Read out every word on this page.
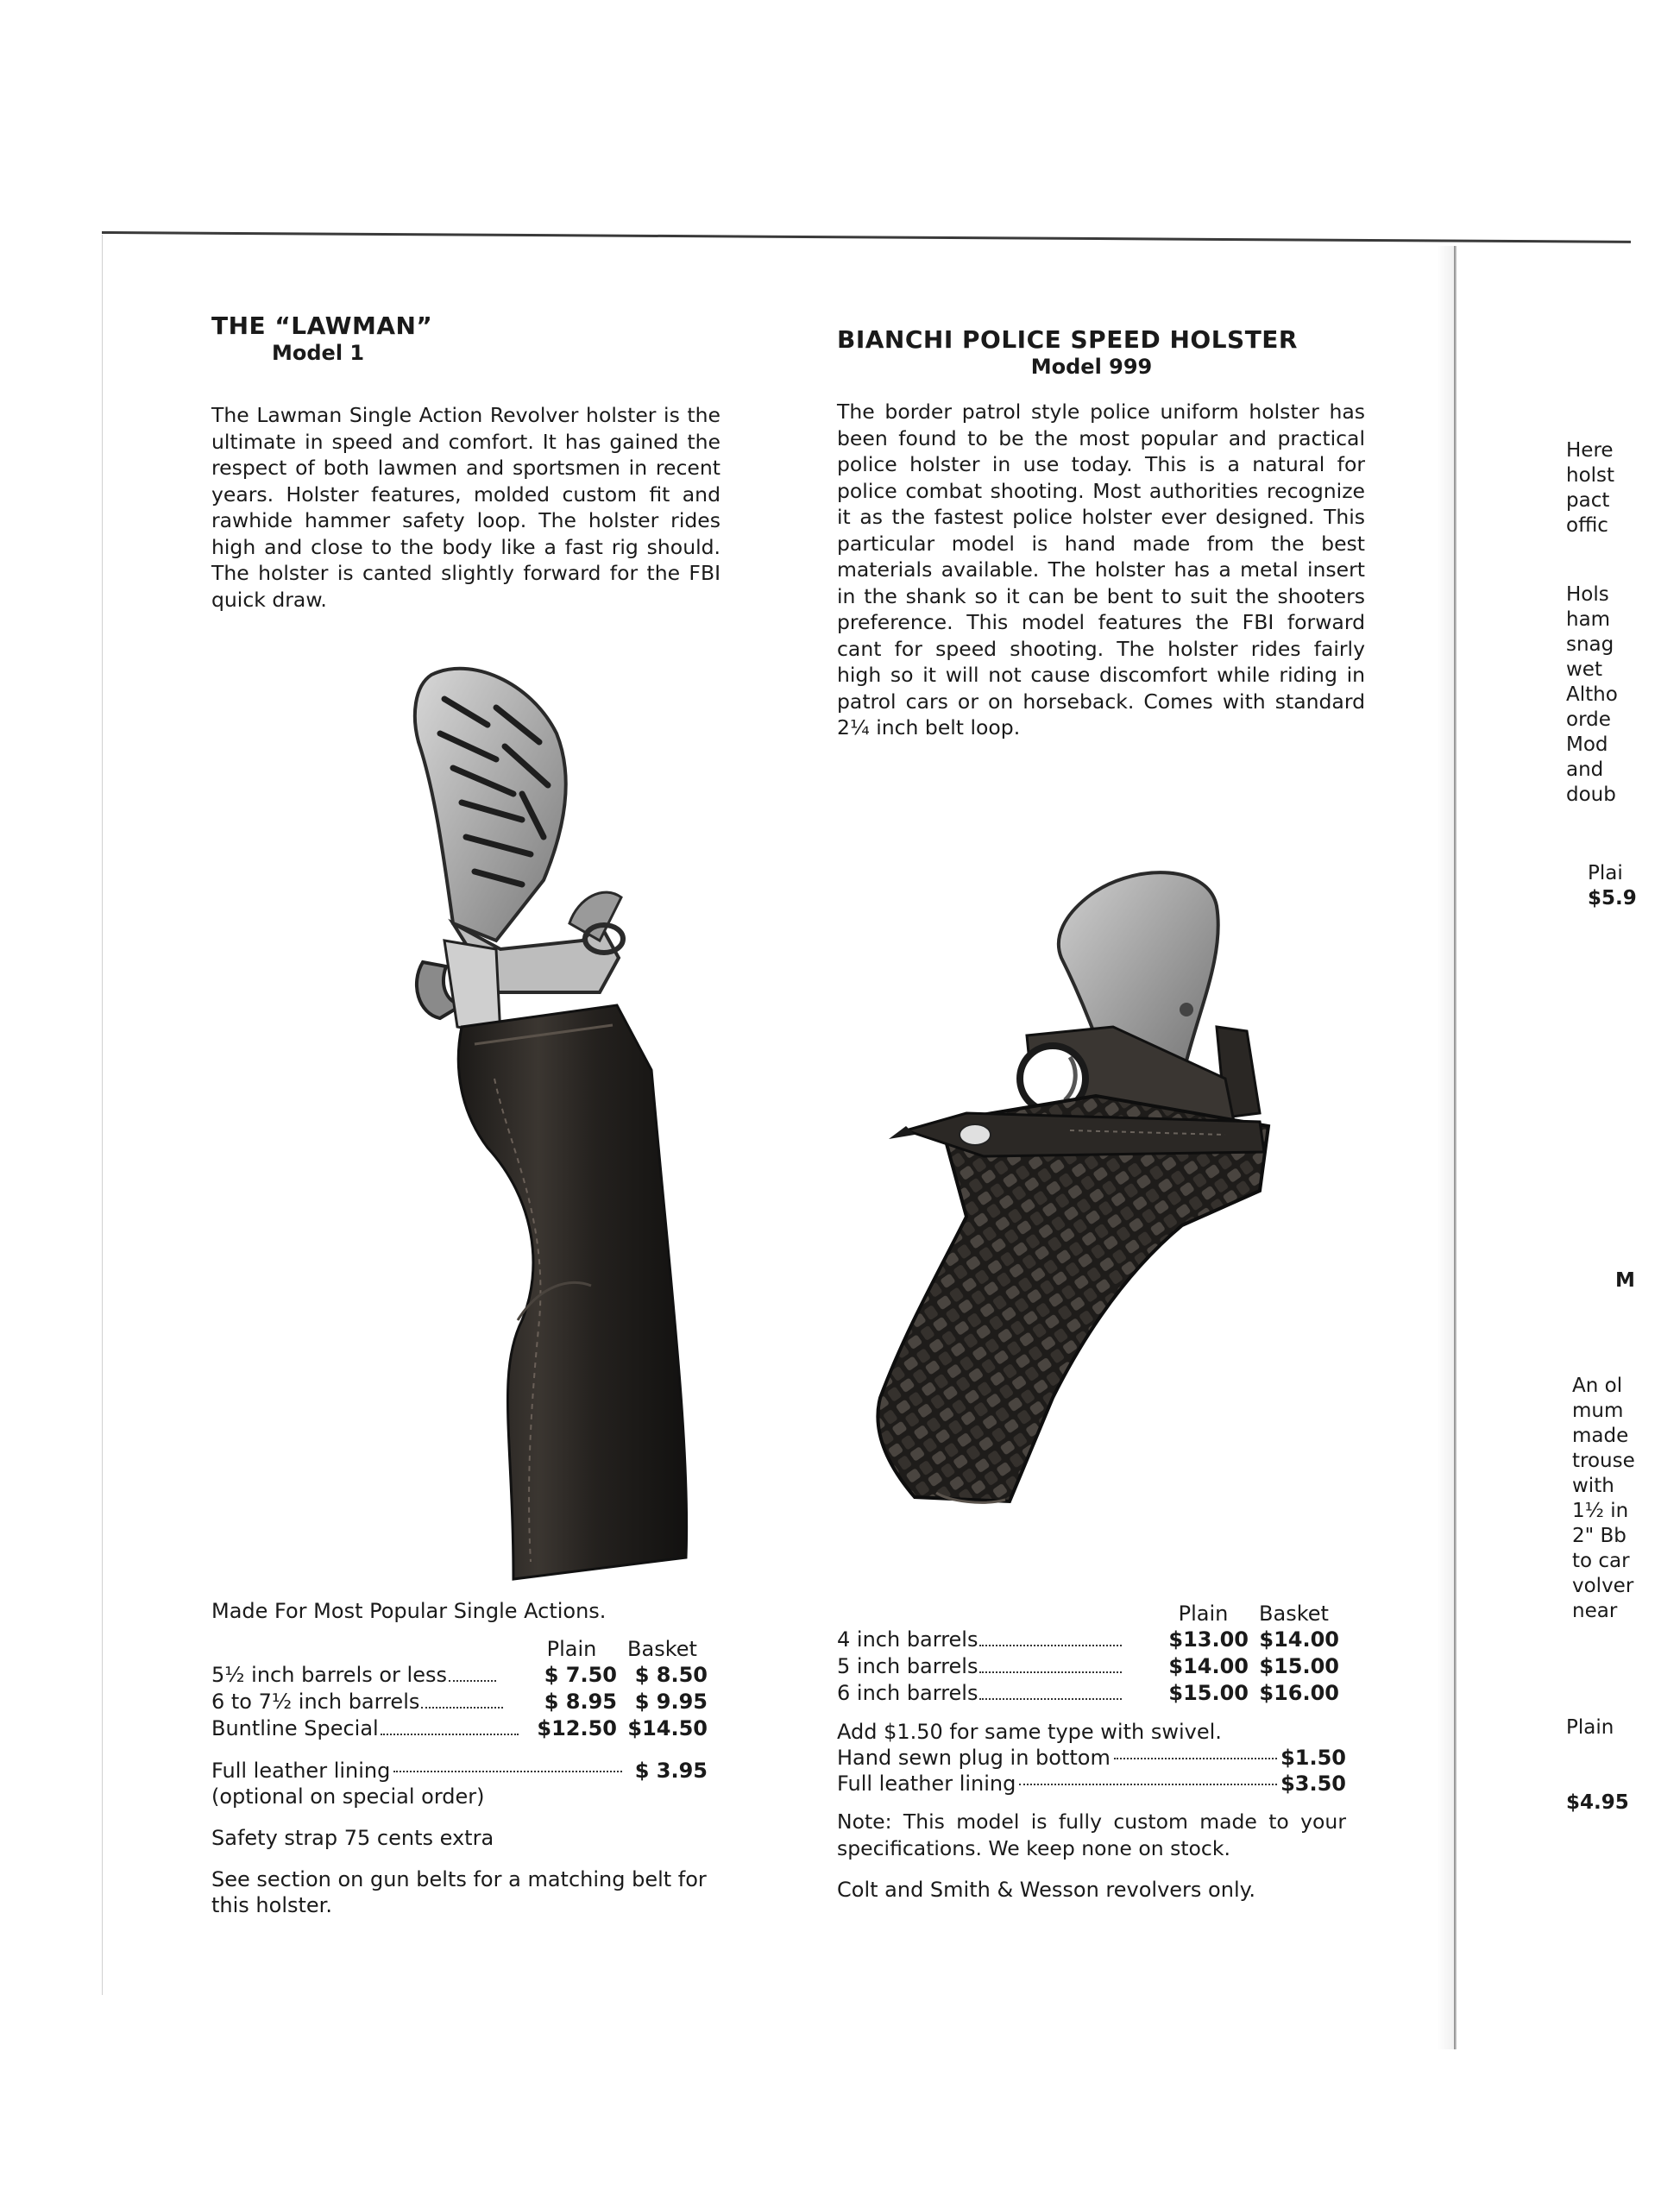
THE “LAWMAN”

Model 1

The Lawman Single Action Revolver holster is the ultimate in speed and comfort. It has gained the respect of both lawmen and sportsmen in recent years. Holster features, molded custom fit and rawhide hammer safety loop. The holster rides high and close to the body like a fast rig should. The holster is canted slightly forward for the FBI quick draw.

Made For Most Popular Single Actions.

	Plain	Basket
5½ inch barrels or less	$ 7.50	$ 8.50
6 to 7½ inch barrels	$ 8.95	$ 9.95
Buntline Special	$12.50	$14.50
Full leather lining	$ 3.95

(optional on special order)

Safety strap 75 cents extra

See section on gun belts for a matching belt for this holster.

BIANCHI POLICE SPEED HOLSTER

Model 999

The border patrol style police uniform holster has been found to be the most popular and practical police holster in use today. This is a natural for police combat shooting. Most authorities recognize it as the fastest police holster ever designed. This particular model is hand made from the best materials available. The holster has a metal insert in the shank so it can be bent to suit the shooters preference. This model features the FBI forward cant for speed shooting. The holster rides fairly high so it will not cause discomfort while riding in patrol cars or on horseback. Comes with standard 2¼ inch belt loop.

	Plain	Basket
4 inch barrels	$13.00	$14.00
5 inch barrels	$14.00	$15.00
6 inch barrels	$15.00	$16.00

Add $1.50 for same type with swivel.

Hand sewn plug in bottom	$1.50
Full leather lining	$3.50

Note: This model is fully custom made to your specifications. We keep none on stock.

Colt and Smith & Wesson revolvers only.

Here

holst

pact

offic

Hols

ham

snag

wet

Altho

orde

Mod

and

doub

Plai

$5.9

M

An ol

mum

made

trouse

with

1½ in

2" Bb

to car

volver

near

Plain

$4.95
